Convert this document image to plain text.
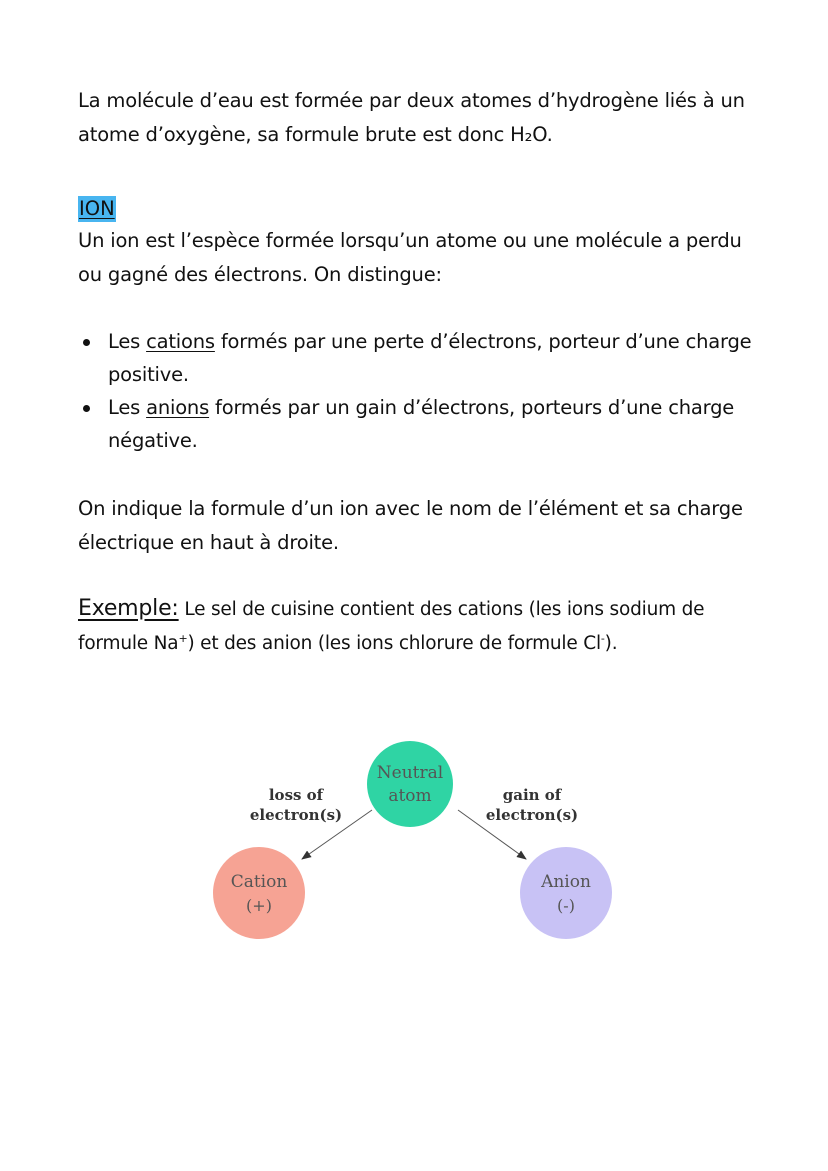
La molécule d’eau est formée par deux atomes d’hydrogène liés à un atome d’oxygène, sa formule brute est donc H₂O.

ION

Un ion est l’espèce formée lorsqu’un atome ou une molécule a perdu ou gagné des électrons. On distingue:

Les cations formés par une perte d’électrons, porteur d’une charge positive.
Les anions formés par un gain d’électrons, porteurs d’une charge négative.

On indique la formule d’un ion avec le nom de l’élément et sa charge électrique en haut à droite.

Exemple: Le sel de cuisine contient des cations (les ions sodium de formule Na+) et des anion (les ions chlorure de formule Cl-).

Neutral
atom
loss of
electron(s)
gain of
electron(s)
Cation
(+)
Anion
(-)
